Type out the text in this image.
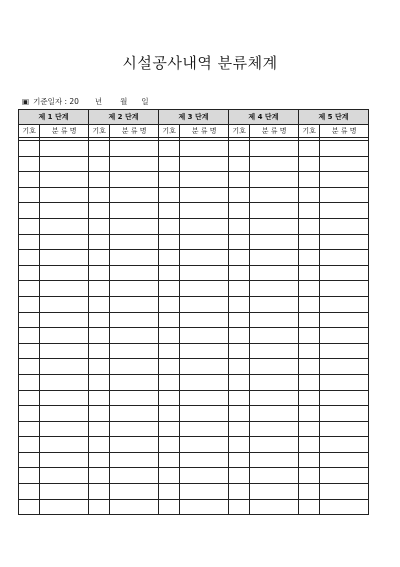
시설공사내역 분류체계
▣ 기준일자 : 20 년 월 일
제 1 단계		제 2 단계		제 3 단계		제 4 단계		제 5 단계	
기호	분 류 명	기호	분 류 명	기호	분 류 명	기호	분 류 명	기호	분 류 명
